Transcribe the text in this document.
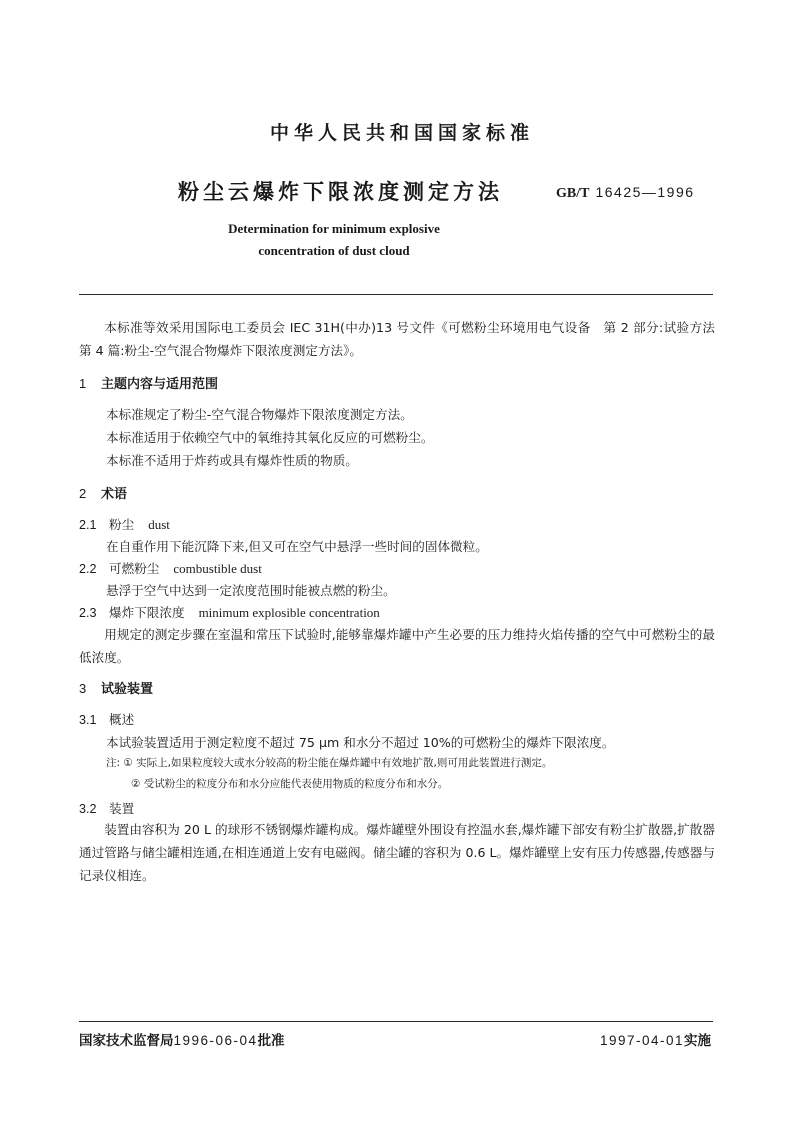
中华人民共和国国家标准
粉尘云爆炸下限浓度测定方法	GB/T 16425—1996
Determination for minimum explosive
concentration of dust cloud
本标准等效采用国际电工委员会 IEC 31H(中办)13 号文件《可燃粉尘环境用电气设备　第 2 部分:试验方法　第 4 篇:粉尘-空气混合物爆炸下限浓度测定方法》。
1 主题内容与适用范围
本标准规定了粉尘-空气混合物爆炸下限浓度测定方法。
本标准适用于依赖空气中的氧维持其氧化反应的可燃粉尘。
本标准不适用于炸药或具有爆炸性质的物质。
2 术语
2.1 粉尘 dust
在自重作用下能沉降下来,但又可在空气中悬浮一些时间的固体微粒。
2.2 可燃粉尘 combustible dust
悬浮于空气中达到一定浓度范围时能被点燃的粉尘。
2.3 爆炸下限浓度 minimum explosible concentration
用规定的测定步骤在室温和常压下试验时,能够靠爆炸罐中产生必要的压力维持火焰传播的空气中可燃粉尘的最低浓度。
3 试验装置
3.1 概述
本试验装置适用于测定粒度不超过 75 μm 和水分不超过 10%的可燃粉尘的爆炸下限浓度。
注: ① 实际上,如果粒度较大或水分较高的粉尘能在爆炸罐中有效地扩散,则可用此装置进行测定。
② 受试粉尘的粒度分布和水分应能代表使用物质的粒度分布和水分。
3.2 装置
装置由容积为 20 L 的球形不锈钢爆炸罐构成。爆炸罐壁外围设有控温水套,爆炸罐下部安有粉尘扩散器,扩散器通过管路与储尘罐相连通,在相连通道上安有电磁阀。储尘罐的容积为 0.6 L。爆炸罐壁上安有压力传感器,传感器与记录仪相连。
国家技术监督局1996-06-04批准	1997-04-01实施
